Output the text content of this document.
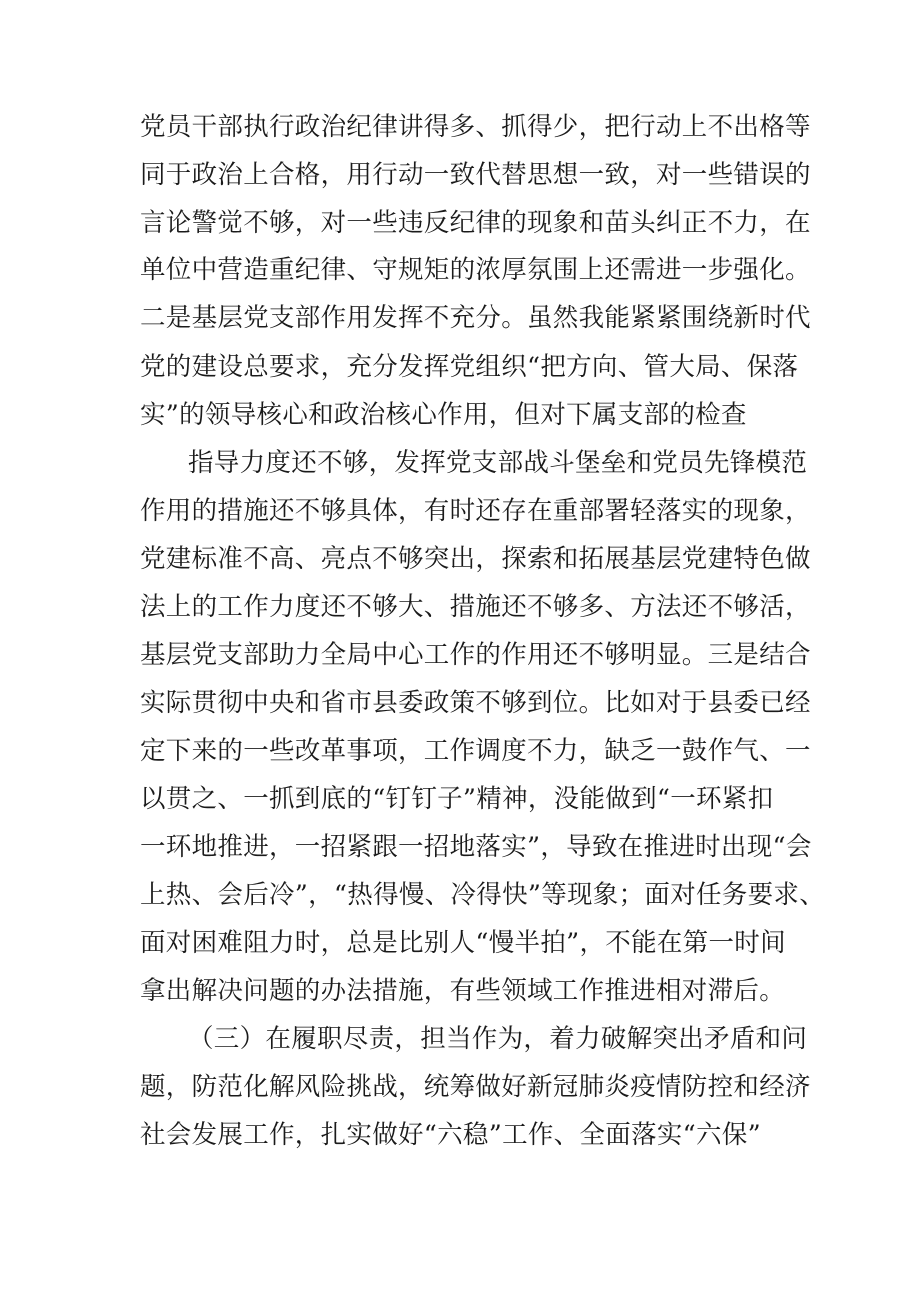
党员干部执行政治纪律讲得多、抓得少，把行动上不出格等
同于政治上合格，用行动一致代替思想一致，对一些错误的
言论警觉不够，对一些违反纪律的现象和苗头纠正不力，在
单位中营造重纪律、守规矩的浓厚氛围上还需进一步强化。
二是基层党支部作用发挥不充分。虽然我能紧紧围绕新时代
党的建设总要求，充分发挥党组织“把方向、管大局、保落
实”的领导核心和政治核心作用，但对下属支部的检查
指导力度还不够，发挥党支部战斗堡垒和党员先锋模范
作用的措施还不够具体，有时还存在重部署轻落实的现象，
党建标准不高、亮点不够突出，探索和拓展基层党建特色做
法上的工作力度还不够大、措施还不够多、方法还不够活，
基层党支部助力全局中心工作的作用还不够明显。三是结合
实际贯彻中央和省市县委政策不够到位。比如对于县委已经
定下来的一些改革事项，工作调度不力，缺乏一鼓作气、一
以贯之、一抓到底的“钉钉子”精神，没能做到“一环紧扣
一环地推进，一招紧跟一招地落实”，导致在推进时出现“会
上热、会后冷”，“热得慢、冷得快”等现象；面对任务要求、
面对困难阻力时，总是比别人“慢半拍”，不能在第一时间
拿出解决问题的办法措施，有些领域工作推进相对滞后。
（三）在履职尽责，担当作为，着力破解突出矛盾和问
题，防范化解风险挑战，统筹做好新冠肺炎疫情防控和经济
社会发展工作，扎实做好“六稳”工作、全面落实“六保”
